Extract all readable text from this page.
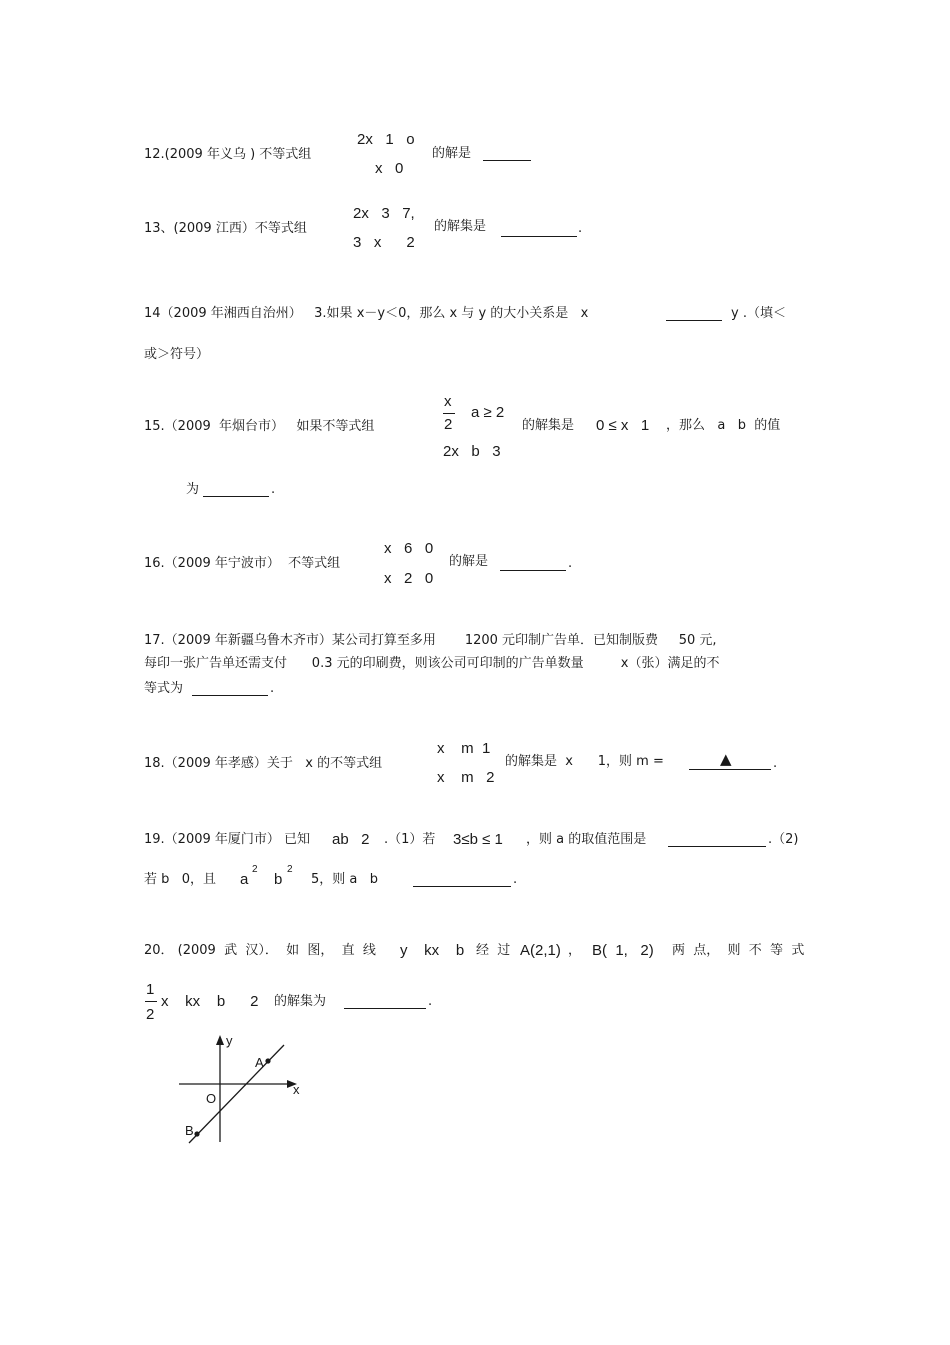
12.(2009 年义乌 ) 不等式组
2x   1   o
x   0
的解是
13、(2009 江西）不等式组
2x   3   7,
3   x      2
的解集是	.
14（2009 年湘西自治州）   3.如果 x－y＜0，那么 x 与 y 的大小关系是   x	y .（填＜
或＞符号）
15.（2009  年烟台市）   如果不等式组
x
2
a ≥ 2
2x   b   3
的解集是 0 ≤ x   1 ，那么   a   b  的值
为	.
16.（2009 年宁波市）  不等式组
x   6   0
x   2   0
的解是	.
17.（2009 年新疆乌鲁木齐市）某公司打算至多用       1200 元印制广告单．已知制版费     50 元,
每印一张广告单还需支付      0.3 元的印刷费，则该公司可印制的广告单数量         x（张）满足的不
等式为	.
18.（2009 年孝感）关于   x 的不等式组
x    m  1
x    m   2
的解集是  x      1，则 m =	▲	.
19.（2009 年厦门市） 已知 ab   2 .（1）若 3≤b ≤ 1 ，则 a 的取值范围是	.（2)
若 b   0，且 a
2
b
2
5，则 a   b	.
20． (2009  武  汉）．  如  图，  直  线 y    kx    b 经  过 A(2,1) ， B(  1,   2) 两  点，  则  不  等  式
1
2
x    kx    b      2 的解集为	.
y
x
O
A
B
